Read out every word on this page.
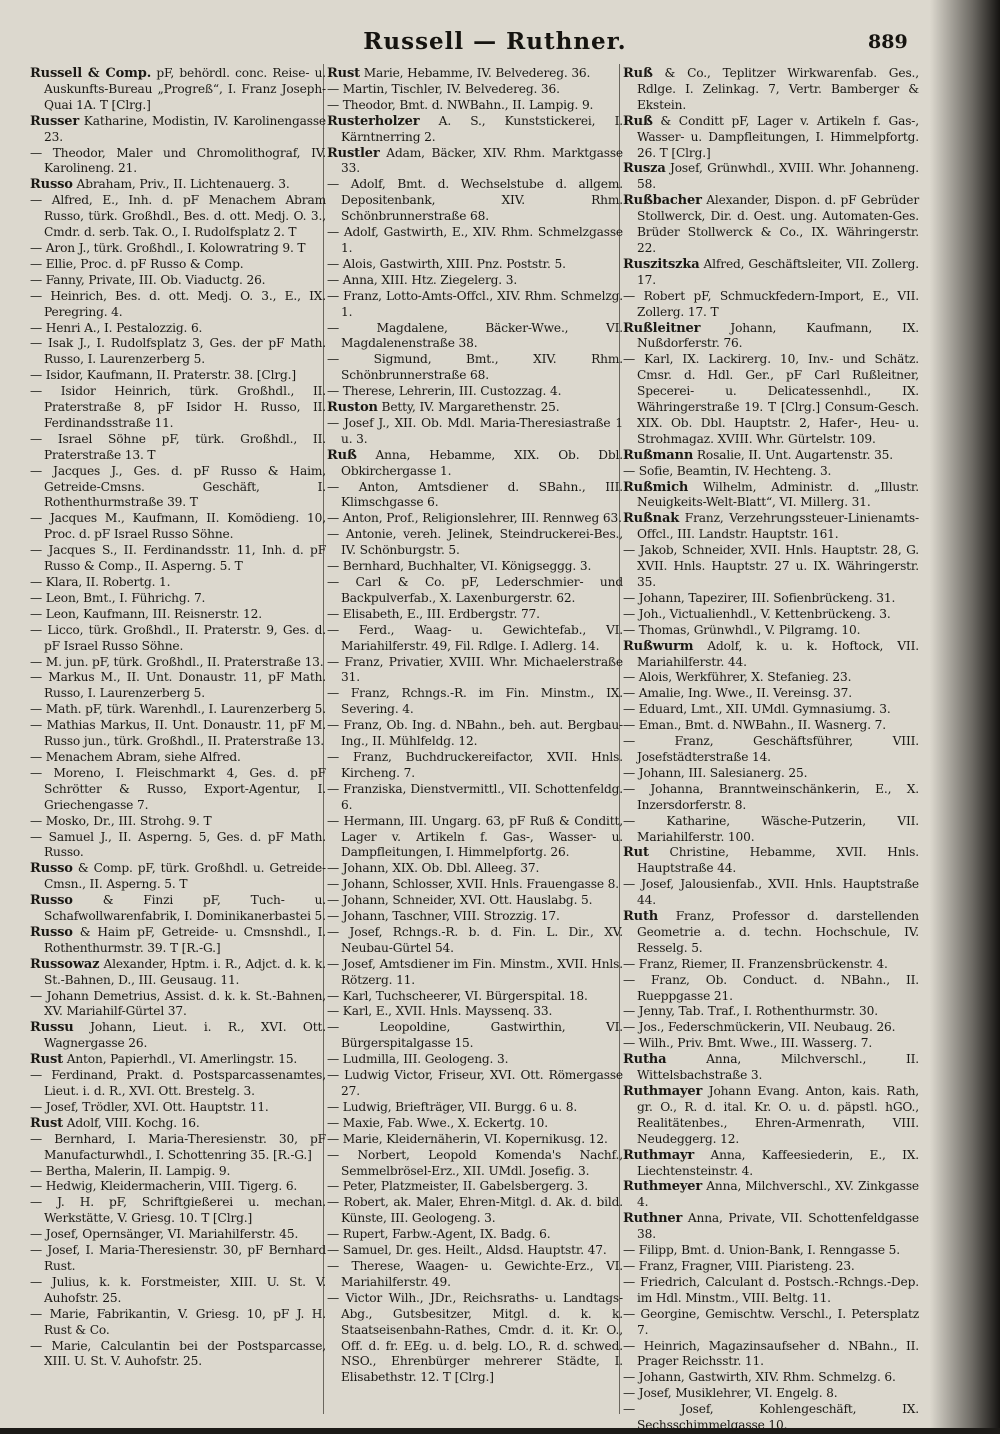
Russell — Ruthner.	889

Russell & Comp. pF, behördl. conc. Reise- u. Auskunfts-Bureau „Progreß“, I. Franz Joseph-Quai 1A. T [Clrg.]

Russer Katharine, Modistin, IV. Karolinengasse 23.

— Theodor, Maler und Chromolithograf, IV. Karolineng. 21.

Russo Abraham, Priv., II. Lichtenauerg. 3.

— Alfred, E., Inh. d. pF Menachem Abram Russo, türk. Großhdl., Bes. d. ott. Medj. O. 3., Cmdr. d. serb. Tak. O., I. Rudolfsplatz 2. T

— Aron J., türk. Großhdl., I. Kolowratring 9. T

— Ellie, Proc. d. pF Russo & Comp.

— Fanny, Private, III. Ob. Viaductg. 26.

— Heinrich, Bes. d. ott. Medj. O. 3., E., IX. Peregring. 4.

— Henri A., I. Pestalozzig. 6.

— Isak J., I. Rudolfsplatz 3, Ges. der pF Math. Russo, I. Laurenzerberg 5.

— Isidor, Kaufmann, II. Praterstr. 38. [Clrg.]

— Isidor Heinrich, türk. Großhdl., II. Praterstraße 8, pF Isidor H. Russo, II. Ferdinandsstraße 11.

— Israel Söhne pF, türk. Großhdl., II. Praterstraße 13. T

— Jacques J., Ges. d. pF Russo & Haim, Getreide-Cmsns. Geschäft, I. Rothenthurmstraße 39. T

— Jacques M., Kaufmann, II. Komödieng. 10, Proc. d. pF Israel Russo Söhne.

— Jacques S., II. Ferdinandsstr. 11, Inh. d. pF Russo & Comp., II. Asperng. 5. T

— Klara, II. Robertg. 1.

— Leon, Bmt., I. Führichg. 7.

— Leon, Kaufmann, III. Reisnerstr. 12.

— Licco, türk. Großhdl., II. Praterstr. 9, Ges. d. pF Israel Russo Söhne.

— M. jun. pF, türk. Großhdl., II. Praterstraße 13.

— Markus M., II. Unt. Donaustr. 11, pF Math. Russo, I. Laurenzerberg 5.

— Math. pF, türk. Warenhdl., I. Laurenzerberg 5.

— Mathias Markus, II. Unt. Donaustr. 11, pF M. Russo jun., türk. Großhdl., II. Praterstraße 13.

— Menachem Abram, siehe Alfred.

— Moreno, I. Fleischmarkt 4, Ges. d. pF Schrötter & Russo, Export-Agentur, I. Griechengasse 7.

— Mosko, Dr., III. Strohg. 9. T

— Samuel J., II. Asperng. 5, Ges. d. pF Math. Russo.

Russo & Comp. pF, türk. Großhdl. u. Getreide-Cmsn., II. Asperng. 5. T

Russo & Finzi pF, Tuch- u. Schafwollwarenfabrik, I. Dominikanerbastei 5.

Russo & Haim pF, Getreide- u. Cmsnshdl., I. Rothenthurmstr. 39. T [R.-G.]

Russowaz Alexander, Hptm. i. R., Adjct. d. k. k. St.-Bahnen, D., III. Geusaug. 11.

— Johann Demetrius, Assist. d. k. k. St.-Bahnen, XV. Mariahilf-Gürtel 37.

Russu Johann, Lieut. i. R., XVI. Ott. Wagnergasse 26.

Rust Anton, Papierhdl., VI. Amerlingstr. 15.

— Ferdinand, Prakt. d. Postsparcassenamtes, Lieut. i. d. R., XVI. Ott. Brestelg. 3.

— Josef, Trödler, XVI. Ott. Hauptstr. 11.

Rust Adolf, VIII. Kochg. 16.

— Bernhard, I. Maria-Theresienstr. 30, pF Manufacturwhdl., I. Schottenring 35. [R.-G.]

— Bertha, Malerin, II. Lampig. 9.

— Hedwig, Kleidermacherin, VIII. Tigerg. 6.

— J. H. pF, Schriftgießerei u. mechan. Werkstätte, V. Griesg. 10. T [Clrg.]

— Josef, Opernsänger, VI. Mariahilferstr. 45.

— Josef, I. Maria-Theresienstr. 30, pF Bernhard Rust.

— Julius, k. k. Forstmeister, XIII. U. St. V. Auhofstr. 25.

— Marie, Fabrikantin, V. Griesg. 10, pF J. H. Rust & Co.

— Marie, Calculantin bei der Postsparcasse, XIII. U. St. V. Auhofstr. 25.

Rust Marie, Hebamme, IV. Belvedereg. 36.

— Martin, Tischler, IV. Belvedereg. 36.

— Theodor, Bmt. d. NWBahn., II. Lampig. 9.

Rusterholzer A. S., Kunststickerei, I. Kärntnerring 2.

Rustler Adam, Bäcker, XIV. Rhm. Marktgasse 33.

— Adolf, Bmt. d. Wechselstube d. allgem. Depositenbank, XIV. Rhm. Schönbrunnerstraße 68.

— Adolf, Gastwirth, E., XIV. Rhm. Schmelzgasse 1.

— Alois, Gastwirth, XIII. Pnz. Poststr. 5.

— Anna, XIII. Htz. Ziegelerg. 3.

— Franz, Lotto-Amts-Offcl., XIV. Rhm. Schmelzg. 1.

— Magdalene, Bäcker-Wwe., VI. Magdalenenstraße 38.

— Sigmund, Bmt., XIV. Rhm. Schönbrunnerstraße 68.

— Therese, Lehrerin, III. Custozzag. 4.

Ruston Betty, IV. Margarethenstr. 25.

— Josef J., XII. Ob. Mdl. Maria-Theresiastraße 1 u. 3.

Ruß Anna, Hebamme, XIX. Ob. Dbl. Obkirchergasse 1.

— Anton, Amtsdiener d. SBahn., III. Klimschgasse 6.

— Anton, Prof., Religionslehrer, III. Rennweg 63.

— Antonie, vereh. Jelinek, Steindruckerei-Bes., IV. Schönburgstr. 5.

— Bernhard, Buchhalter, VI. Königseggg. 3.

— Carl & Co. pF, Lederschmier- und Backpulverfab., X. Laxenburgerstr. 62.

— Elisabeth, E., III. Erdbergstr. 77.

— Ferd., Waag- u. Gewichtefab., VI. Mariahilferstr. 49, Fil. Rdlge. I. Adlerg. 14.

— Franz, Privatier, XVIII. Whr. Michaelerstraße 31.

— Franz, Rchngs.-R. im Fin. Minstm., IX. Severing. 4.

— Franz, Ob. Ing. d. NBahn., beh. aut. Bergbau-Ing., II. Mühlfeldg. 12.

— Franz, Buchdruckereifactor, XVII. Hnls. Kircheng. 7.

— Franziska, Dienstvermittl., VII. Schottenfeldg. 6.

— Hermann, III. Ungarg. 63, pF Ruß & Conditt, Lager v. Artikeln f. Gas-, Wasser- u. Dampfleitungen, I. Himmelpfortg. 26.

— Johann, XIX. Ob. Dbl. Alleeg. 37.

— Johann, Schlosser, XVII. Hnls. Frauengasse 8.

— Johann, Schneider, XVI. Ott. Hauslabg. 5.

— Johann, Taschner, VIII. Strozzig. 17.

— Josef, Rchngs.-R. b. d. Fin. L. Dir., XV. Neubau-Gürtel 54.

— Josef, Amtsdiener im Fin. Minstm., XVII. Hnls. Rötzerg. 11.

— Karl, Tuchscheerer, VI. Bürgerspital. 18.

— Karl, E., XVII. Hnls. Mayssenq. 33.

— Leopoldine, Gastwirthin, VI. Bürgerspitalgasse 15.

— Ludmilla, III. Geologeng. 3.

— Ludwig Victor, Friseur, XVI. Ott. Römergasse 27.

— Ludwig, Briefträger, VII. Burgg. 6 u. 8.

— Maxie, Fab. Wwe., X. Eckertg. 10.

— Marie, Kleidernäherin, VI. Kopernikusg. 12.

— Norbert, Leopold Komenda's Nachf., Semmelbrösel-Erz., XII. UMdl. Josefig. 3.

— Peter, Platzmeister, II. Gabelsbergerg. 3.

— Robert, ak. Maler, Ehren-Mitgl. d. Ak. d. bild. Künste, III. Geologeng. 3.

— Rupert, Farbw.-Agent, IX. Badg. 6.

— Samuel, Dr. ges. Heilt., Aldsd. Hauptstr. 47.

— Therese, Waagen- u. Gewichte-Erz., VI. Mariahilferstr. 49.

— Victor Wilh., JDr., Reichsraths- u. Landtags-Abg., Gutsbesitzer, Mitgl. d. k. k. Staatseisenbahn-Rathes, Cmdr. d. it. Kr. O., Off. d. fr. EEg. u. d. belg. LO., R. d. schwed. NSO., Ehrenbürger mehrerer Städte, I. Elisabethstr. 12. T [Clrg.]

Ruß & Co., Teplitzer Wirkwarenfab. Ges., Rdlge. I. Zelinkag. 7, Vertr. Bamberger & Ekstein.

Ruß & Conditt pF, Lager v. Artikeln f. Gas-, Wasser- u. Dampfleitungen, I. Himmelpfortg. 26. T [Clrg.]

Rusza Josef, Grünwhdl., XVIII. Whr. Johanneng. 58.

Rußbacher Alexander, Dispon. d. pF Gebrüder Stollwerck, Dir. d. Oest. ung. Automaten-Ges. Brüder Stollwerck & Co., IX. Währingerstr. 22.

Ruszitszka Alfred, Geschäftsleiter, VII. Zollerg. 17.

— Robert pF, Schmuckfedern-Import, E., VII. Zollerg. 17. T

Rußleitner Johann, Kaufmann, IX. Nußdorferstr. 76.

— Karl, IX. Lackirerg. 10, Inv.- und Schätz. Cmsr. d. Hdl. Ger., pF Carl Rußleitner, Specerei- u. Delicatessenhdl., IX. Währingerstraße 19. T [Clrg.] Consum-Gesch. XIX. Ob. Dbl. Hauptstr. 2, Hafer-, Heu- u. Strohmagaz. XVIII. Whr. Gürtelstr. 109.

Rußmann Rosalie, II. Unt. Augartenstr. 35.

— Sofie, Beamtin, IV. Hechteng. 3.

Rußmich Wilhelm, Administr. d. „Illustr. Neuigkeits-Welt-Blatt“, VI. Millerg. 31.

Rußnak Franz, Verzehrungssteuer-Linienamts-Offcl., III. Landstr. Hauptstr. 161.

— Jakob, Schneider, XVII. Hnls. Hauptstr. 28, G. XVII. Hnls. Hauptstr. 27 u. IX. Währingerstr. 35.

— Johann, Tapezirer, III. Sofienbrückeng. 31.

— Joh., Victualienhdl., V. Kettenbrückeng. 3.

— Thomas, Grünwhdl., V. Pilgramg. 10.

Rußwurm Adolf, k. u. k. Hoftock, VII. Mariahilferstr. 44.

— Alois, Werkführer, X. Stefanieg. 23.

— Amalie, Ing. Wwe., II. Vereinsg. 37.

— Eduard, Lmt., XII. UMdl. Gymnasiumg. 3.

— Eman., Bmt. d. NWBahn., II. Wasnerg. 7.

— Franz, Geschäftsführer, VIII. Josefstädterstraße 14.

— Johann, III. Salesianerg. 25.

— Johanna, Branntweinschänkerin, E., X. Inzersdorferstr. 8.

— Katharine, Wäsche-Putzerin, VII. Mariahilferstr. 100.

Rut Christine, Hebamme, XVII. Hnls. Hauptstraße 44.

— Josef, Jalousienfab., XVII. Hnls. Hauptstraße 44.

Ruth Franz, Professor d. darstellenden Geometrie a. d. techn. Hochschule, IV. Resselg. 5.

— Franz, Riemer, II. Franzensbrückenstr. 4.

— Franz, Ob. Conduct. d. NBahn., II. Rueppgasse 21.

— Jenny, Tab. Traf., I. Rothenthurmstr. 30.

— Jos., Federschmückerin, VII. Neubaug. 26.

— Wilh., Priv. Bmt. Wwe., III. Wasserg. 7.

Rutha Anna, Milchverschl., II. Wittelsbachstraße 3.

Ruthmayer Johann Evang. Anton, kais. Rath, gr. O., R. d. ital. Kr. O. u. d. päpstl. hGO., Realitätenbes., Ehren-Armenrath, VIII. Neudeggerg. 12.

Ruthmayr Anna, Kaffeesiederin, E., IX. Liechtensteinstr. 4.

Ruthmeyer Anna, Milchverschl., XV. Zinkgasse 4.

Ruthner Anna, Private, VII. Schottenfeldgasse 38.

— Filipp, Bmt. d. Union-Bank, I. Renngasse 5.

— Franz, Fragner, VIII. Piaristeng. 23.

— Friedrich, Calculant d. Postsch.-Rchngs.-Dep. im Hdl. Minstm., VIII. Beltg. 11.

— Georgine, Gemischtw. Verschl., I. Petersplatz 7.

— Heinrich, Magazinsaufseher d. NBahn., II. Prager Reichsstr. 11.

— Johann, Gastwirth, XIV. Rhm. Schmelzg. 6.

— Josef, Musiklehrer, VI. Engelg. 8.

— Josef, Kohlengeschäft, IX. Sechsschimmelgasse 10.
